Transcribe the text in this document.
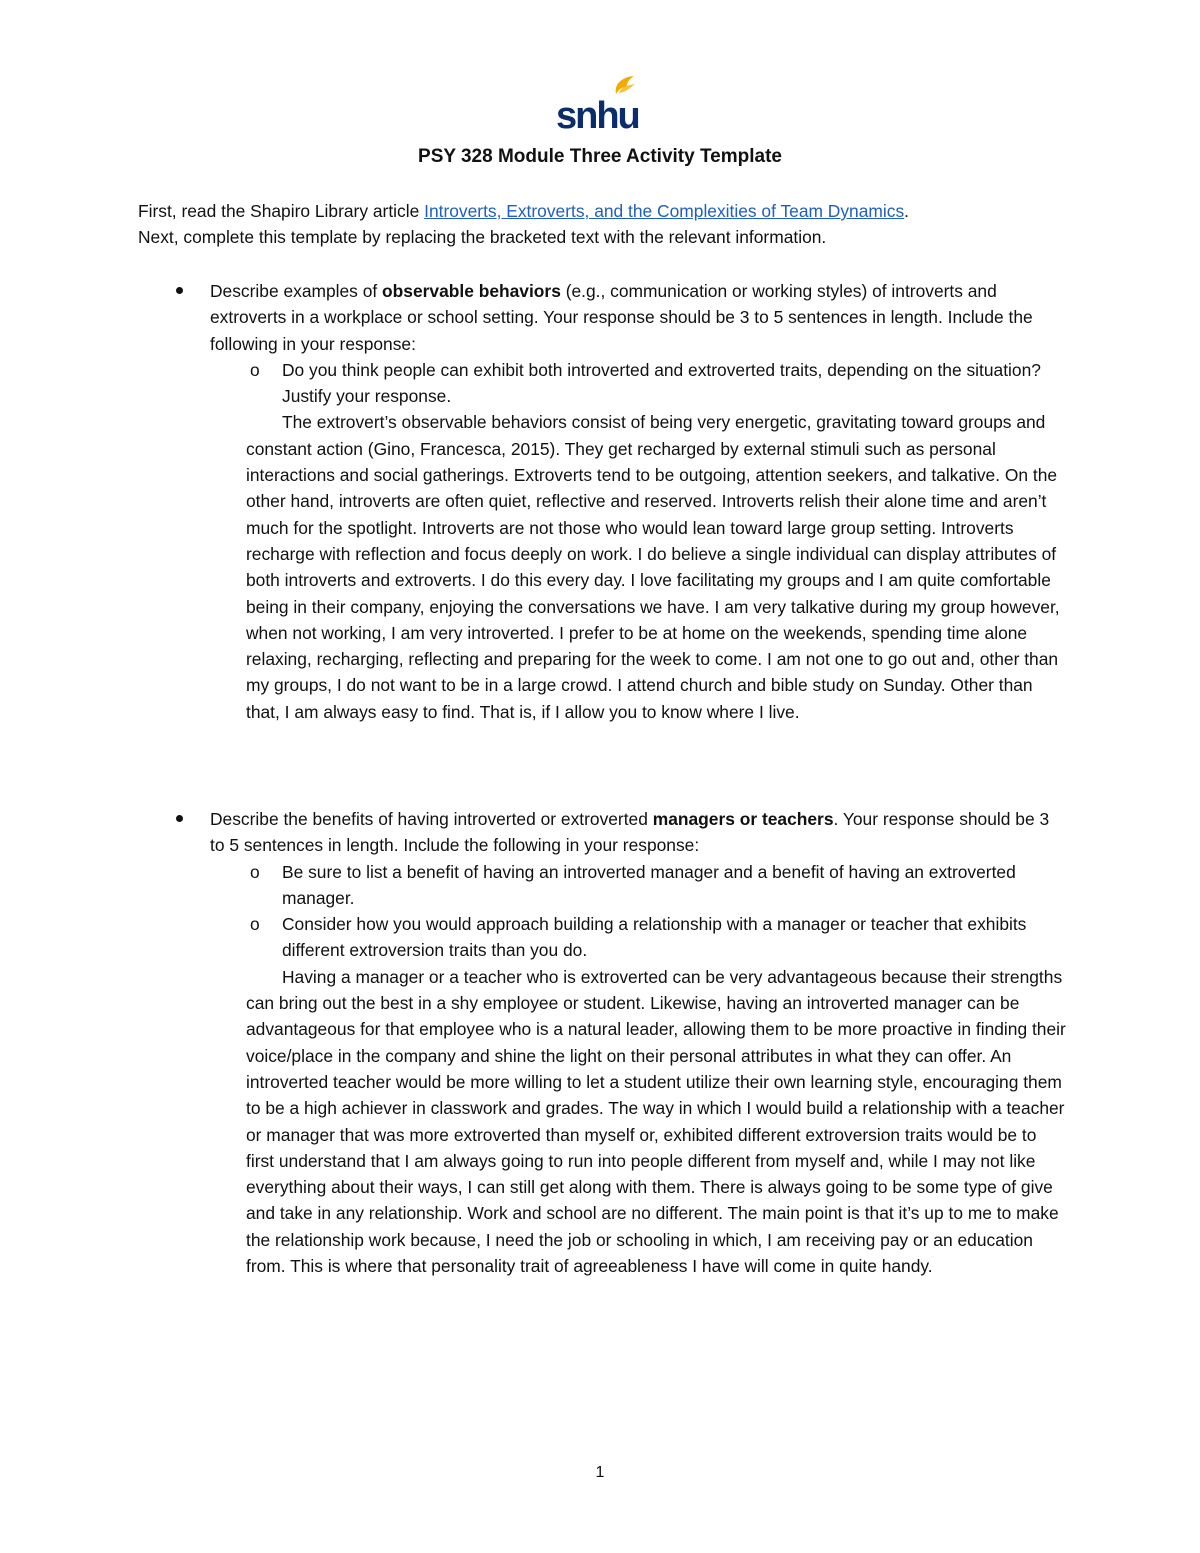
snhu
PSY 328 Module Three Activity Template

First, read the Shapiro Library article Introverts, Extroverts, and the Complexities of Team Dynamics.

Next, complete this template by replacing the bracketed text with the relevant information.

Describe examples of observable behaviors (e.g., communication or working styles) of introverts and extroverts in a workplace or school setting. Your response should be 3 to 5 sentences in length. Include the following in your response:
o Do you think people can exhibit both introverted and extroverted traits, depending on the situation? Justify your response.

The extrovert’s observable behaviors consist of being very energetic, gravitating toward groups and constant action (Gino, Francesca, 2015). They get recharged by external stimuli such as personal interactions and social gatherings. Extroverts tend to be outgoing, attention seekers, and talkative. On the other hand, introverts are often quiet, reflective and reserved. Introverts relish their alone time and aren’t much for the spotlight. Introverts are not those who would lean toward large group setting. Introverts recharge with reflection and focus deeply on work. I do believe a single individual can display attributes of both introverts and extroverts. I do this every day. I love facilitating my groups and I am quite comfortable being in their company, enjoying the conversations we have. I am very talkative during my group however, when not working, I am very introverted. I prefer to be at home on the weekends, spending time alone relaxing, recharging, reflecting and preparing for the week to come. I am not one to go out and, other than my groups, I do not want to be in a large crowd. I attend church and bible study on Sunday. Other than that, I am always easy to find. That is, if I allow you to know where I live.

Describe the benefits of having introverted or extroverted managers or teachers. Your response should be 3 to 5 sentences in length. Include the following in your response:
o Be sure to list a benefit of having an introverted manager and a benefit of having an extroverted manager.
o Consider how you would approach building a relationship with a manager or teacher that exhibits different extroversion traits than you do.

Having a manager or a teacher who is extroverted can be very advantageous because their strengths can bring out the best in a shy employee or student. Likewise, having an introverted manager can be advantageous for that employee who is a natural leader, allowing them to be more proactive in finding their voice/place in the company and shine the light on their personal attributes in what they can offer. An introverted teacher would be more willing to let a student utilize their own learning style, encouraging them to be a high achiever in classwork and grades. The way in which I would build a relationship with a teacher or manager that was more extroverted than myself or, exhibited different extroversion traits would be to first understand that I am always going to run into people different from myself and, while I may not like everything about their ways, I can still get along with them. There is always going to be some type of give and take in any relationship. Work and school are no different. The main point is that it’s up to me to make the relationship work because, I need the job or schooling in which, I am receiving pay or an education from. This is where that personality trait of agreeableness I have will come in quite handy.

1
